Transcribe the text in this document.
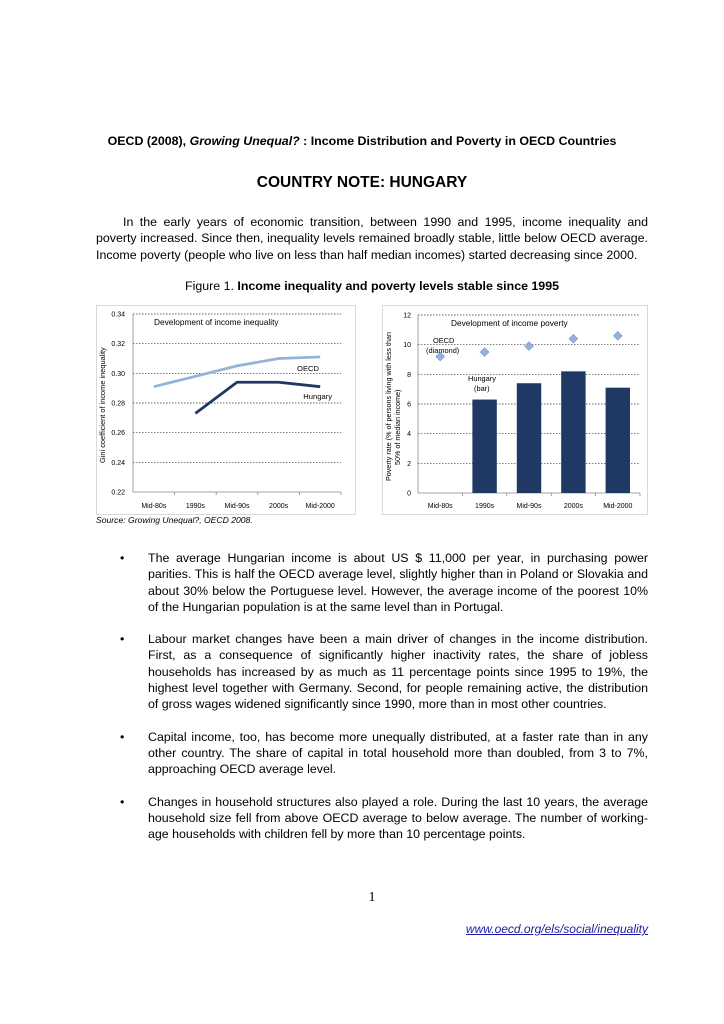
OECD (2008), Growing Unequal? : Income Distribution and Poverty in OECD Countries
COUNTRY NOTE: HUNGARY
In the early years of economic transition, between 1990 and 1995, income inequality and poverty increased. Since then, inequality levels remained broadly stable, little below OECD average. Income poverty (people who live on less than half median incomes) started decreasing since 2000.
Figure 1. Income inequality and poverty levels stable since 1995
0.22
0.24
0.26
0.28
0.30
0.32
0.34
Mid-80s	1990s	Mid-90s	2000s Mid-2000
Development of income inequality
OECD
Hungary
Gini coefficient of income inequality
0
2
4
6
8
10
12
Mid-80s	1990s	Mid-90s	2000s	Mid-2000
Development of income poverty
OECD
(diamond)
Hungary
(bar)
Poverty rate (% of persons living with less than 50% of median income)
Source: Growing Unequal?, OECD 2008.
• The average Hungarian income is about US $ 11,000 per year, in purchasing power parities. This is half the OECD average level, slightly higher than in Poland or Slovakia and about 30% below the Portuguese level. However, the average income of the poorest 10% of the Hungarian population is at the same level than in Portugal.
• Labour market changes have been a main driver of changes in the income distribution. First, as a consequence of significantly higher inactivity rates, the share of jobless households has increased by as much as 11 percentage points since 1995 to 19%, the highest level together with Germany. Second, for people remaining active, the distribution of gross wages widened significantly since 1990, more than in most other countries.
• Capital income, too, has become more unequally distributed, at a faster rate than in any other country. The share of capital in total household more than doubled, from 3 to 7%, approaching OECD average level.
• Changes in household structures also played a role. During the last 10 years, the average household size fell from above OECD average to below average. The number of working-age households with children fell by more than 10 percentage points.
1
www.oecd.org/els/social/inequality
